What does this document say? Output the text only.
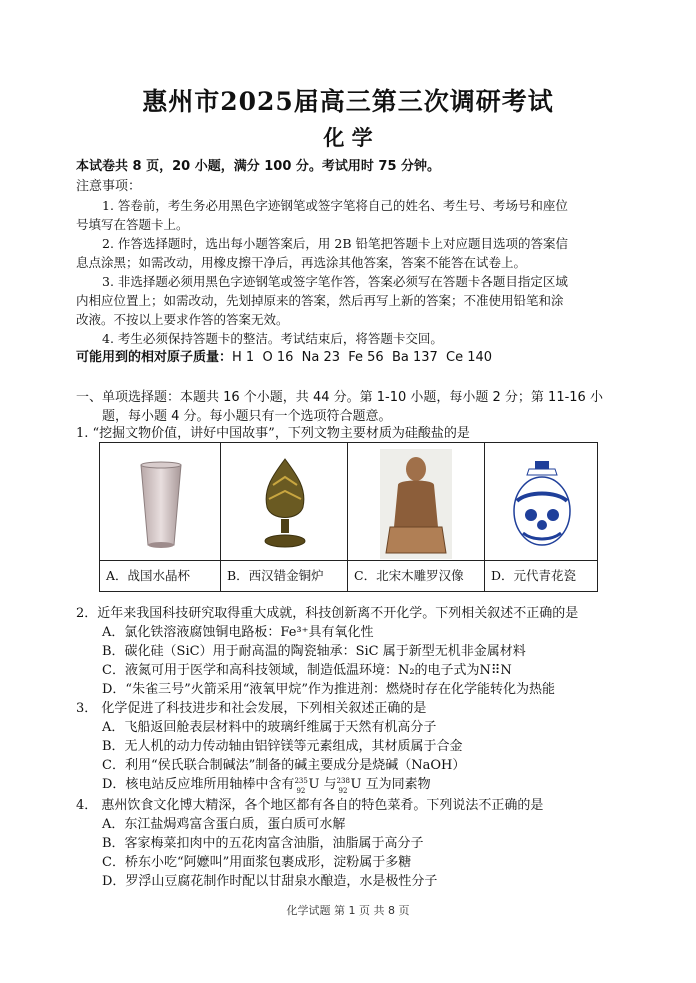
惠州市2025届高三第三次调研考试
化 学
本试卷共 8 页，20 小题，满分 100 分。考试用时 75 分钟。
注意事项：
1. 答卷前，考生务必用黑色字迹钢笔或签字笔将自己的姓名、考生号、考场号和座位
号填写在答题卡上。
2. 作答选择题时，选出每小题答案后，用 2B 铅笔把答题卡上对应题目选项的答案信
息点涂黑；如需改动，用橡皮擦干净后，再选涂其他答案，答案不能答在试卷上。
3. 非选择题必须用黑色字迹钢笔或签字笔作答，答案必须写在答题卡各题目指定区域
内相应位置上；如需改动，先划掉原来的答案，然后再写上新的答案；不准使用铅笔和涂
改液。不按以上要求作答的答案无效。
4. 考生必须保持答题卡的整洁。考试结束后，将答题卡交回。
可能用到的相对原子质量：H 1  O 16  Na 23  Fe 56  Ba 137  Ce 140
一、单项选择题：本题共 16 个小题，共 44 分。第 1-10 小题，每小题 2 分；第 11-16 小
题，每小题 4 分。每小题只有一个选项符合题意。
1. “挖掘文物价值，讲好中国故事”，下列文物主要材质为硅酸盐的是
A．战国水晶杯	B．西汉错金铜炉	C．北宋木雕罗汉像	D．元代青花瓷
2．近年来我国科技研究取得重大成就，科技创新离不开化学。下列相关叙述不正确的是
A．氯化铁溶液腐蚀铜电路板：Fe³⁺具有氧化性
B．碳化硅（SiC）用于耐高温的陶瓷轴承：SiC 属于新型无机非金属材料
C．液氮可用于医学和高科技领域，制造低温环境：N₂的电子式为N⠿N
D．“朱雀三号”火箭采用“液氧甲烷”作为推进剂：燃烧时存在化学能转化为热能
3． 化学促进了科技进步和社会发展，下列相关叙述正确的是
A．飞船返回舱表层材料中的玻璃纤维属于天然有机高分子
B．无人机的动力传动轴由铝锌镁等元素组成，其材质属于合金
C．利用“侯氏联合制碱法”制备的碱主要成分是烧碱（NaOH）
D．核电站反应堆所用轴棒中含有 235
92 U 与 238
92 U 互为同素物
4． 惠州饮食文化博大精深，各个地区都有各自的特色菜肴。下列说法不正确的是
A．东江盐焗鸡富含蛋白质，蛋白质可水解
B．客家梅菜扣肉中的五花肉富含油脂，油脂属于高分子
C．桥东小吃“阿嬷叫”用面浆包裹成形，淀粉属于多糖
D．罗浮山豆腐花制作时配以甘甜泉水酿造，水是极性分子
化学试题 第 1 页 共 8 页
